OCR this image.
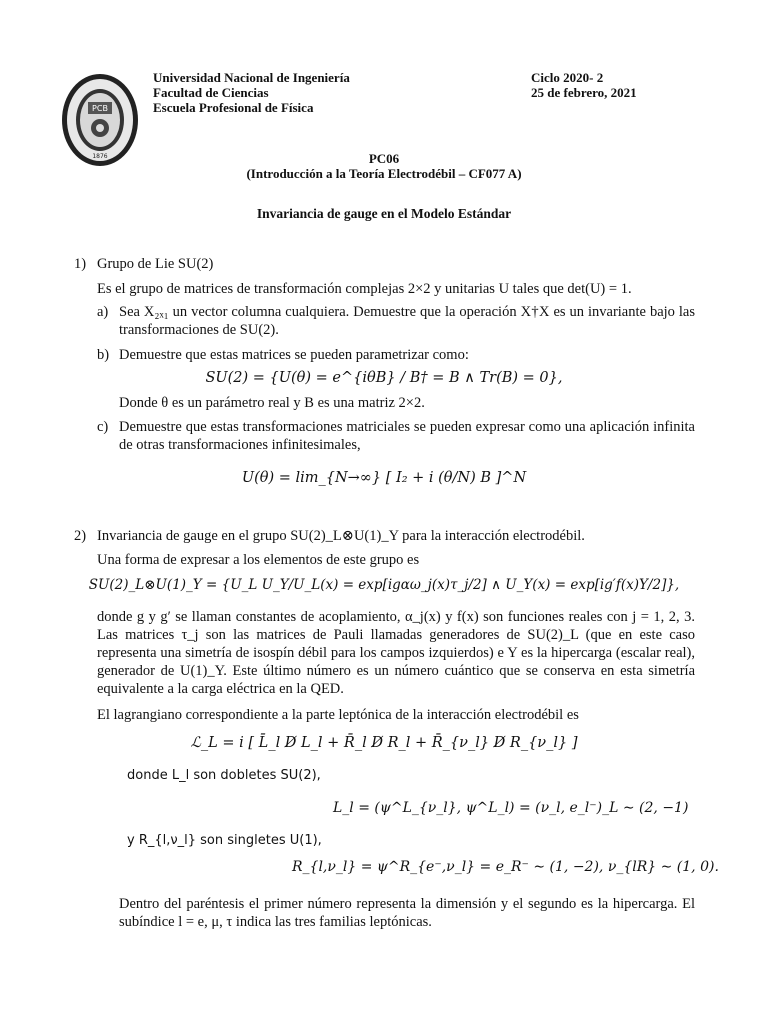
PCB
1876
Universidad Nacional de Ingeniería
Facultad de Ciencias
Escuela Profesional de Física
Ciclo 2020- 2
25 de febrero, 2021
PC06
(Introducción a la Teoría Electrodébil – CF077 A)
Invariancia de gauge en el Modelo Estándar
1) Grupo de Lie SU(2)
Es el grupo de matrices de transformación complejas 2×2 y unitarias U tales que det(U) = 1.
a) Sea X₂ₓ₁ un vector columna cualquiera. Demuestre que la operación X†X es un invariante bajo las transformaciones de SU(2).
b) Demuestre que estas matrices se pueden parametrizar como:
SU(2) = {U(θ) = e^{iθB} / B† = B ∧ Tr(B) = 0},
Donde θ es un parámetro real y B es una matriz 2×2.
c) Demuestre que estas transformaciones matriciales se pueden expresar como una aplicación infinita de otras transformaciones infinitesimales,
U(θ) = lim_{N→∞} [ I₂ + i (θ/N) B ]^N
2) Invariancia de gauge en el grupo SU(2)_L⊗U(1)_Y para la interacción electrodébil.
Una forma de expresar a los elementos de este grupo es
SU(2)_L⊗U(1)_Y = {U_L U_Y/U_L(x) = exp[igαω_j(x)τ_j/2] ∧ U_Y(x) = exp[ig′f(x)Y/2]},
donde g y g′ se llaman constantes de acoplamiento, α_j(x) y f(x) son funciones reales con j = 1, 2, 3. Las matrices τ_j son las matrices de Pauli llamadas generadores de SU(2)_L (que en este caso representa una simetría de isospín débil para los campos izquierdos) e Y es la hipercarga (escalar real), generador de U(1)_Y. Este último número es un número cuántico que se conserva en esta simetría equivalente a la carga eléctrica en la QED.
El lagrangiano correspondiente a la parte leptónica de la interacción electrodébil es
ℒ_L = i [ L̄_l D̸ L_l + R̄_l D̸ R_l + R̄_{ν_l} D̸ R_{ν_l} ]
donde L_l son dobletes SU(2),
L_l = (ψ^L_{ν_l}, ψ^L_l) = (ν_l, e_l⁻)_L ∼ (2, −1)
y R_{l,ν_l} son singletes U(1),
R_{l,ν_l} = ψ^R_{e⁻,ν_l} = e_R⁻ ∼ (1, −2), ν_{lR} ∼ (1, 0).
Dentro del paréntesis el primer número representa la dimensión y el segundo es la hipercarga. El subíndice l = e, μ, τ indica las tres familias leptónicas.
